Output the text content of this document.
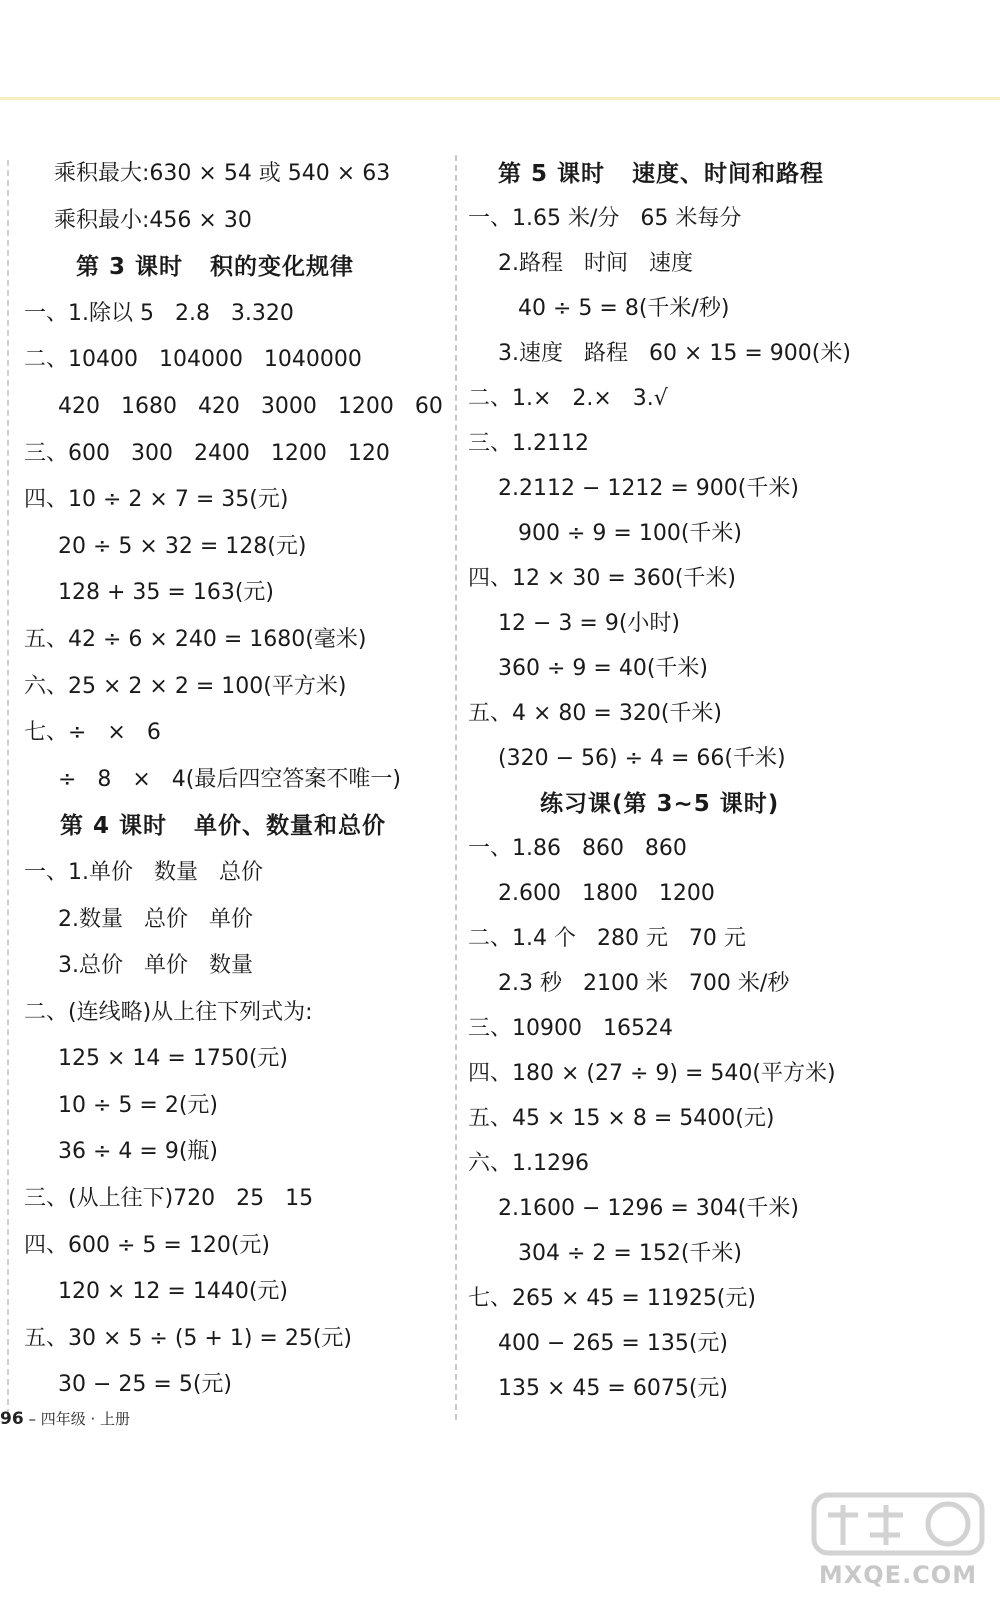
乘积最大:630 × 54 或 540 × 63
乘积最小:456 × 30
第 3 课时   积的变化规律
一、1.除以 5   2.8   3.320
二、10400   104000   1040000
420   1680   420   3000   1200   60
三、600   300   2400   1200   120
四、10 ÷ 2 × 7 = 35(元)
20 ÷ 5 × 32 = 128(元)
128 + 35 = 163(元)
五、42 ÷ 6 × 240 = 1680(毫米)
六、25 × 2 × 2 = 100(平方米)
七、÷   ×   6
÷   8   ×   4(最后四空答案不唯一)
第 4 课时   单价、数量和总价
一、1.单价   数量   总价
2.数量   总价   单价
3.总价   单价   数量
二、(连线略)从上往下列式为:
125 × 14 = 1750(元)
10 ÷ 5 = 2(元)
36 ÷ 4 = 9(瓶)
三、(从上往下)720   25   15
四、600 ÷ 5 = 120(元)
120 × 12 = 1440(元)
五、30 × 5 ÷ (5 + 1) = 25(元)
30 − 25 = 5(元)
第 5 课时   速度、时间和路程
一、1.65 米/分   65 米每分
2.路程   时间   速度
40 ÷ 5 = 8(千米/秒)
3.速度   路程   60 × 15 = 900(米)
二、1.×   2.×   3.√
三、1.2112
2.2112 − 1212 = 900(千米)
900 ÷ 9 = 100(千米)
四、12 × 30 = 360(千米)
12 − 3 = 9(小时)
360 ÷ 9 = 40(千米)
五、4 × 80 = 320(千米)
(320 − 56) ÷ 4 = 66(千米)
练习课(第 3~5 课时)
一、1.86   860   860
2.600   1800   1200
二、1.4 个   280 元   70 元
2.3 秒   2100 米   700 米/秒
三、10900   16524
四、180 × (27 ÷ 9) = 540(平方米)
五、45 × 15 × 8 = 5400(元)
六、1.1296
2.1600 − 1296 = 304(千米)
304 ÷ 2 = 152(千米)
七、265 × 45 = 11925(元)
400 − 265 = 135(元)
135 × 45 = 6075(元)
96 – 四年级 · 上册
MXQE.COM
